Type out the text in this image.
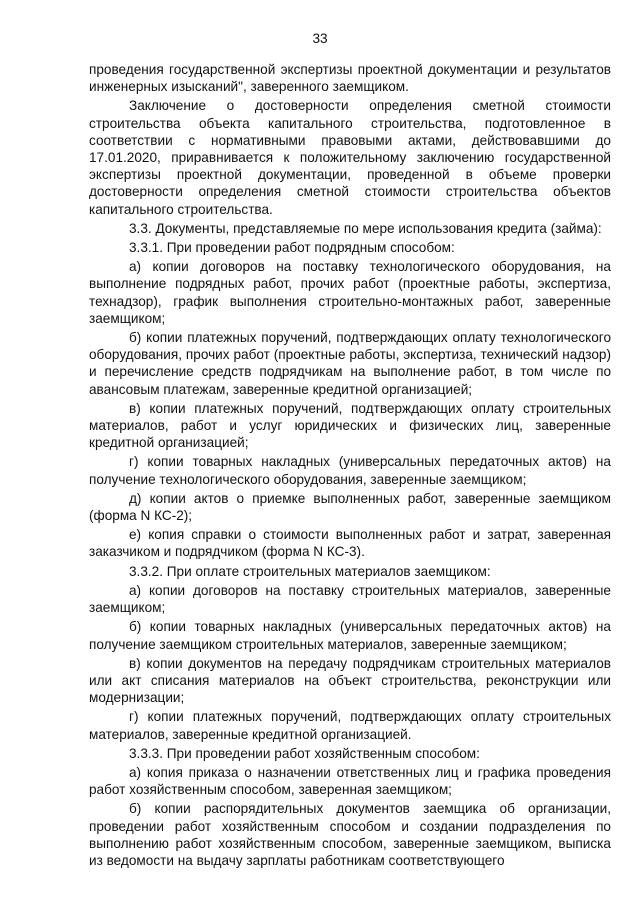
33

проведения государственной экспертизы проектной документации и результатов инженерных изысканий", заверенного заемщиком.

Заключение о достоверности определения сметной стоимости строительства объекта капитального строительства, подготовленное в соответствии с нормативными правовыми актами, действовавшими до 17.01.2020, приравнивается к положительному заключению государственной экспертизы проектной документации, проведенной в объеме проверки достоверности определения сметной стоимости строительства объектов капитального строительства.

3.3. Документы, представляемые по мере использования кредита (займа):

3.3.1. При проведении работ подрядным способом:

а) копии договоров на поставку технологического оборудования, на выполнение подрядных работ, прочих работ (проектные работы, экспертиза, технадзор), график выполнения строительно-монтажных работ, заверенные заемщиком;

б) копии платежных поручений, подтверждающих оплату технологического оборудования, прочих работ (проектные работы, экспертиза, технический надзор) и перечисление средств подрядчикам на выполнение работ, в том числе по авансовым платежам, заверенные кредитной организацией;

в) копии платежных поручений, подтверждающих оплату строительных материалов, работ и услуг юридических и физических лиц, заверенные кредитной организацией;

г) копии товарных накладных (универсальных передаточных актов) на получение технологического оборудования, заверенные заемщиком;

д) копии актов о приемке выполненных работ, заверенные заемщиком (форма N КС-2);

е) копия справки о стоимости выполненных работ и затрат, заверенная заказчиком и подрядчиком (форма N КС-3).

3.3.2. При оплате строительных материалов заемщиком:

а) копии договоров на поставку строительных материалов, заверенные заемщиком;

б) копии товарных накладных (универсальных передаточных актов) на получение заемщиком строительных материалов, заверенные заемщиком;

в) копии документов на передачу подрядчикам строительных материалов или акт списания материалов на объект строительства, реконструкции или модернизации;

г) копии платежных поручений, подтверждающих оплату строительных материалов, заверенные кредитной организацией.

3.3.3. При проведении работ хозяйственным способом:

а) копия приказа о назначении ответственных лиц и графика проведения работ хозяйственным способом, заверенная заемщиком;

б) копии распорядительных документов заемщика об организации, проведении работ хозяйственным способом и создании подразделения по выполнению работ хозяйственным способом, заверенные заемщиком, выписка из ведомости на выдачу зарплаты работникам соответствующего
